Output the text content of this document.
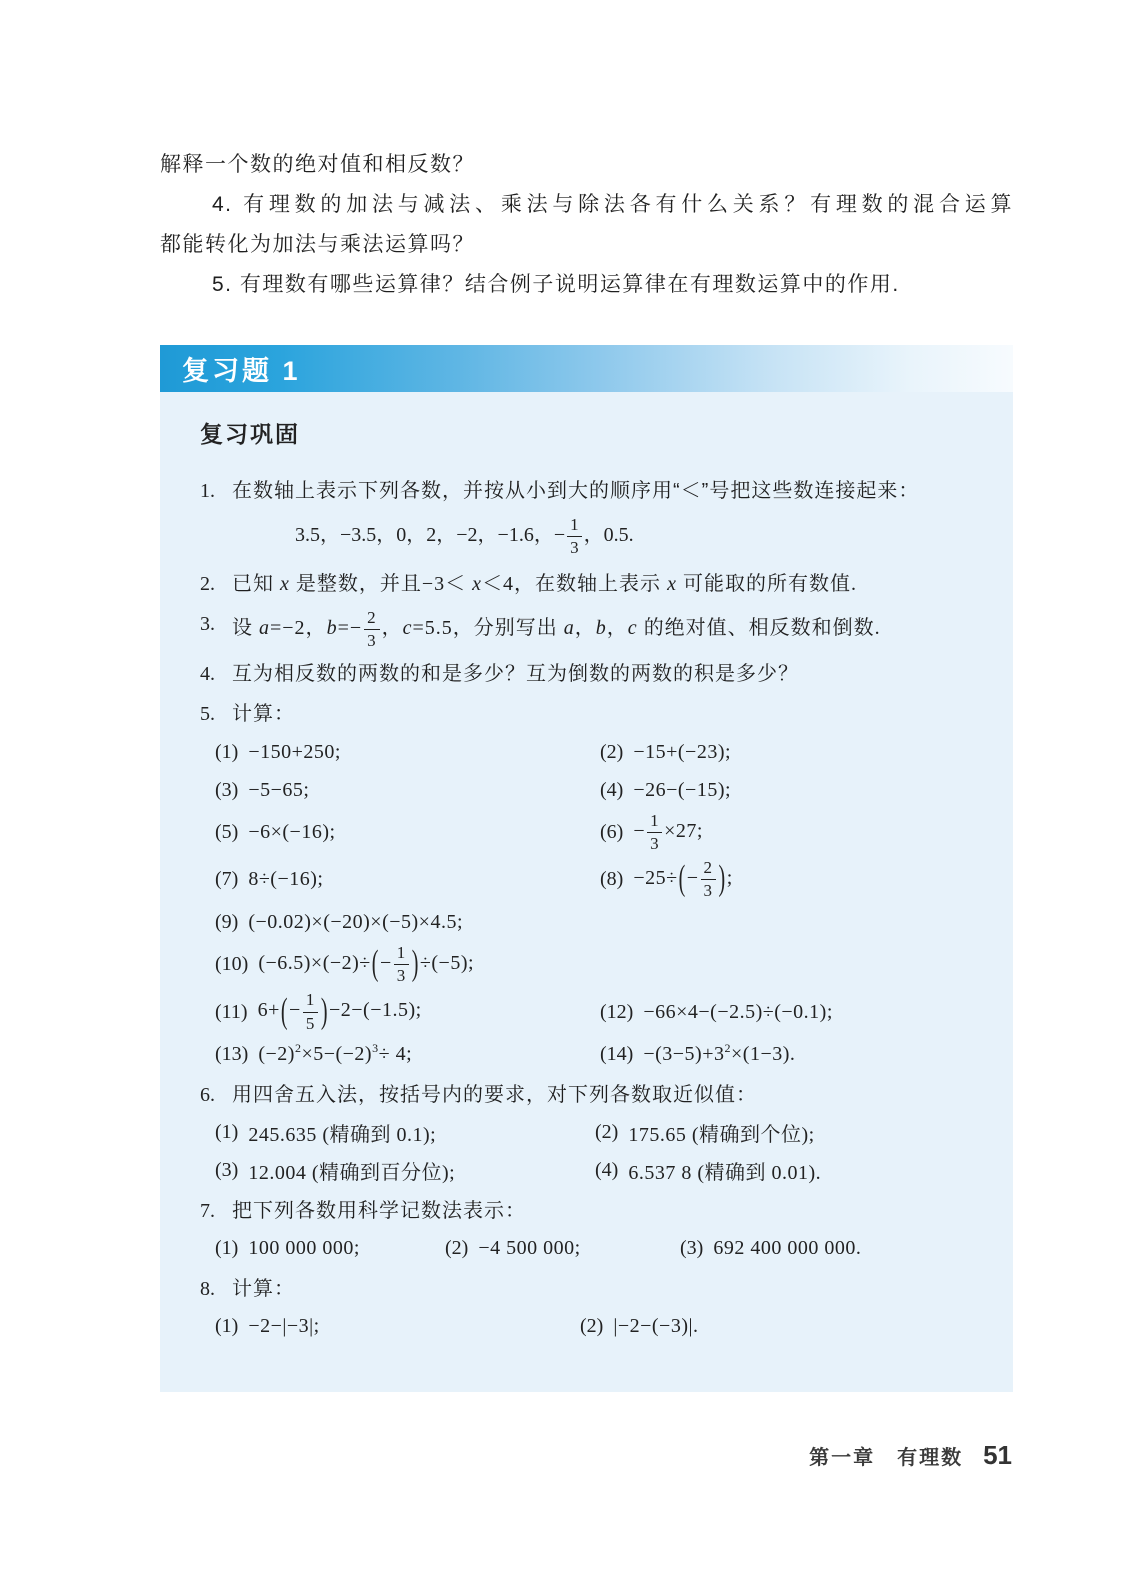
解释一个数的绝对值和相反数？

4. 有理数的加法与减法、乘法与除法各有什么关系？有理数的混合运算

都能转化为加法与乘法运算吗？

5. 有理数有哪些运算律？结合例子说明运算律在有理数运算中的作用.

复习题 1
复习巩固
1. 在数轴上表示下列各数，并按从小到大的顺序用“＜”号把这些数连接起来：
3.5，−3.5，0，2，−2，−1.6，− $\frac{1}{3}$ ，0.5.
2. 已知 x 是整数，并且−3＜ x＜4，在数轴上表示 x 可能取的所有数值.
3. 设 a=−2，$b=- \frac{2}{3}$ ，c=5.5，分别写出 a，b，c 的绝对值、相反数和倒数.
4. 互为相反数的两数的和是多少？互为倒数的两数的积是多少？
5. 计算：
(1) −150+250;	(2) −15+(−23);
(3) −5−65;	(4) −26−(−15);
(5) −6×(−16);	$(6) - \frac{1}{3} \times 27$;
(7) 8÷(−16);	$(8) -25\div(- \frac{2}{3}$ );
(9) (−0.02)×(−20)×(−5)×4.5;
(10) $(-6.5)\times(-2)\div(- \frac{1}{3} )\div(-5)$;
(11) $6+(- \frac{1}{5} )-2-(-1.5)$;	(12) −66×4−(−2.5)÷(−0.1);
(13) $(-2)^2\times 5-(-2)^3\div 4$;	$(14) -(3-5)+3^2\times(1-3)$.
6. 用四舍五入法，按括号内的要求，对下列各数取近似值：
(1) 245.635 (精确到 0.1);	(2) 175.65 (精确到个位);
(3) 12.004 (精确到百分位);	(4) 6.537 8 (精确到 0.01).
7. 把下列各数用科学记数法表示：
(1) 100 000 000;	(2) −4 500 000;	(3) 692 400 000 000.
8. 计算：
(1) −2−|−3|;	(2) |−2−(−3)|.
第一章　有理数 51
